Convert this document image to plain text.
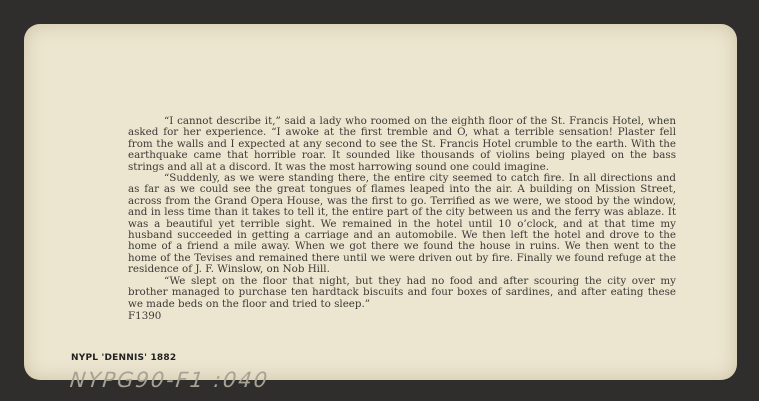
“I cannot describe it,” said a lady who roomed on the eighth floor of the St. Francis Hotel, when asked for her experience. “I awoke at the first tremble and O, what a terrible sensation! Plaster fell from the walls and I expected at any second to see the St. Francis Hotel crumble to the earth. With the earthquake came that horrible roar. It sounded like thousands of violins being played on the bass strings and all at a discord. It was the most harrowing sound one could imagine.

“Suddenly, as we were standing there, the entire city seemed to catch fire. In all directions and as far as we could see the great tongues of flames leaped into the air. A building on Mission Street, across from the Grand Opera House, was the first to go. Terrified as we were, we stood by the window, and in less time than it takes to tell it, the entire part of the city between us and the ferry was ablaze. It was a beautiful yet terrible sight. We remained in the hotel until 10 o’clock, and at that time my husband succeeded in getting a carriage and an automobile. We then left the hotel and drove to the home of a friend a mile away. When we got there we found the house in ruins. We then went to the home of the Tevises and remained there until we were driven out by fire. Finally we found refuge at the residence of J. F. Winslow, on Nob Hill.

“We slept on the floor that night, but they had no food and after scouring the city over my brother managed to purchase ten hardtack biscuits and four boxes of sardines, and after eating these we made beds on the floor and tried to sleep.”

F1390

NYPL 'DENNIS' 1882
NYPG90-F1 :040
